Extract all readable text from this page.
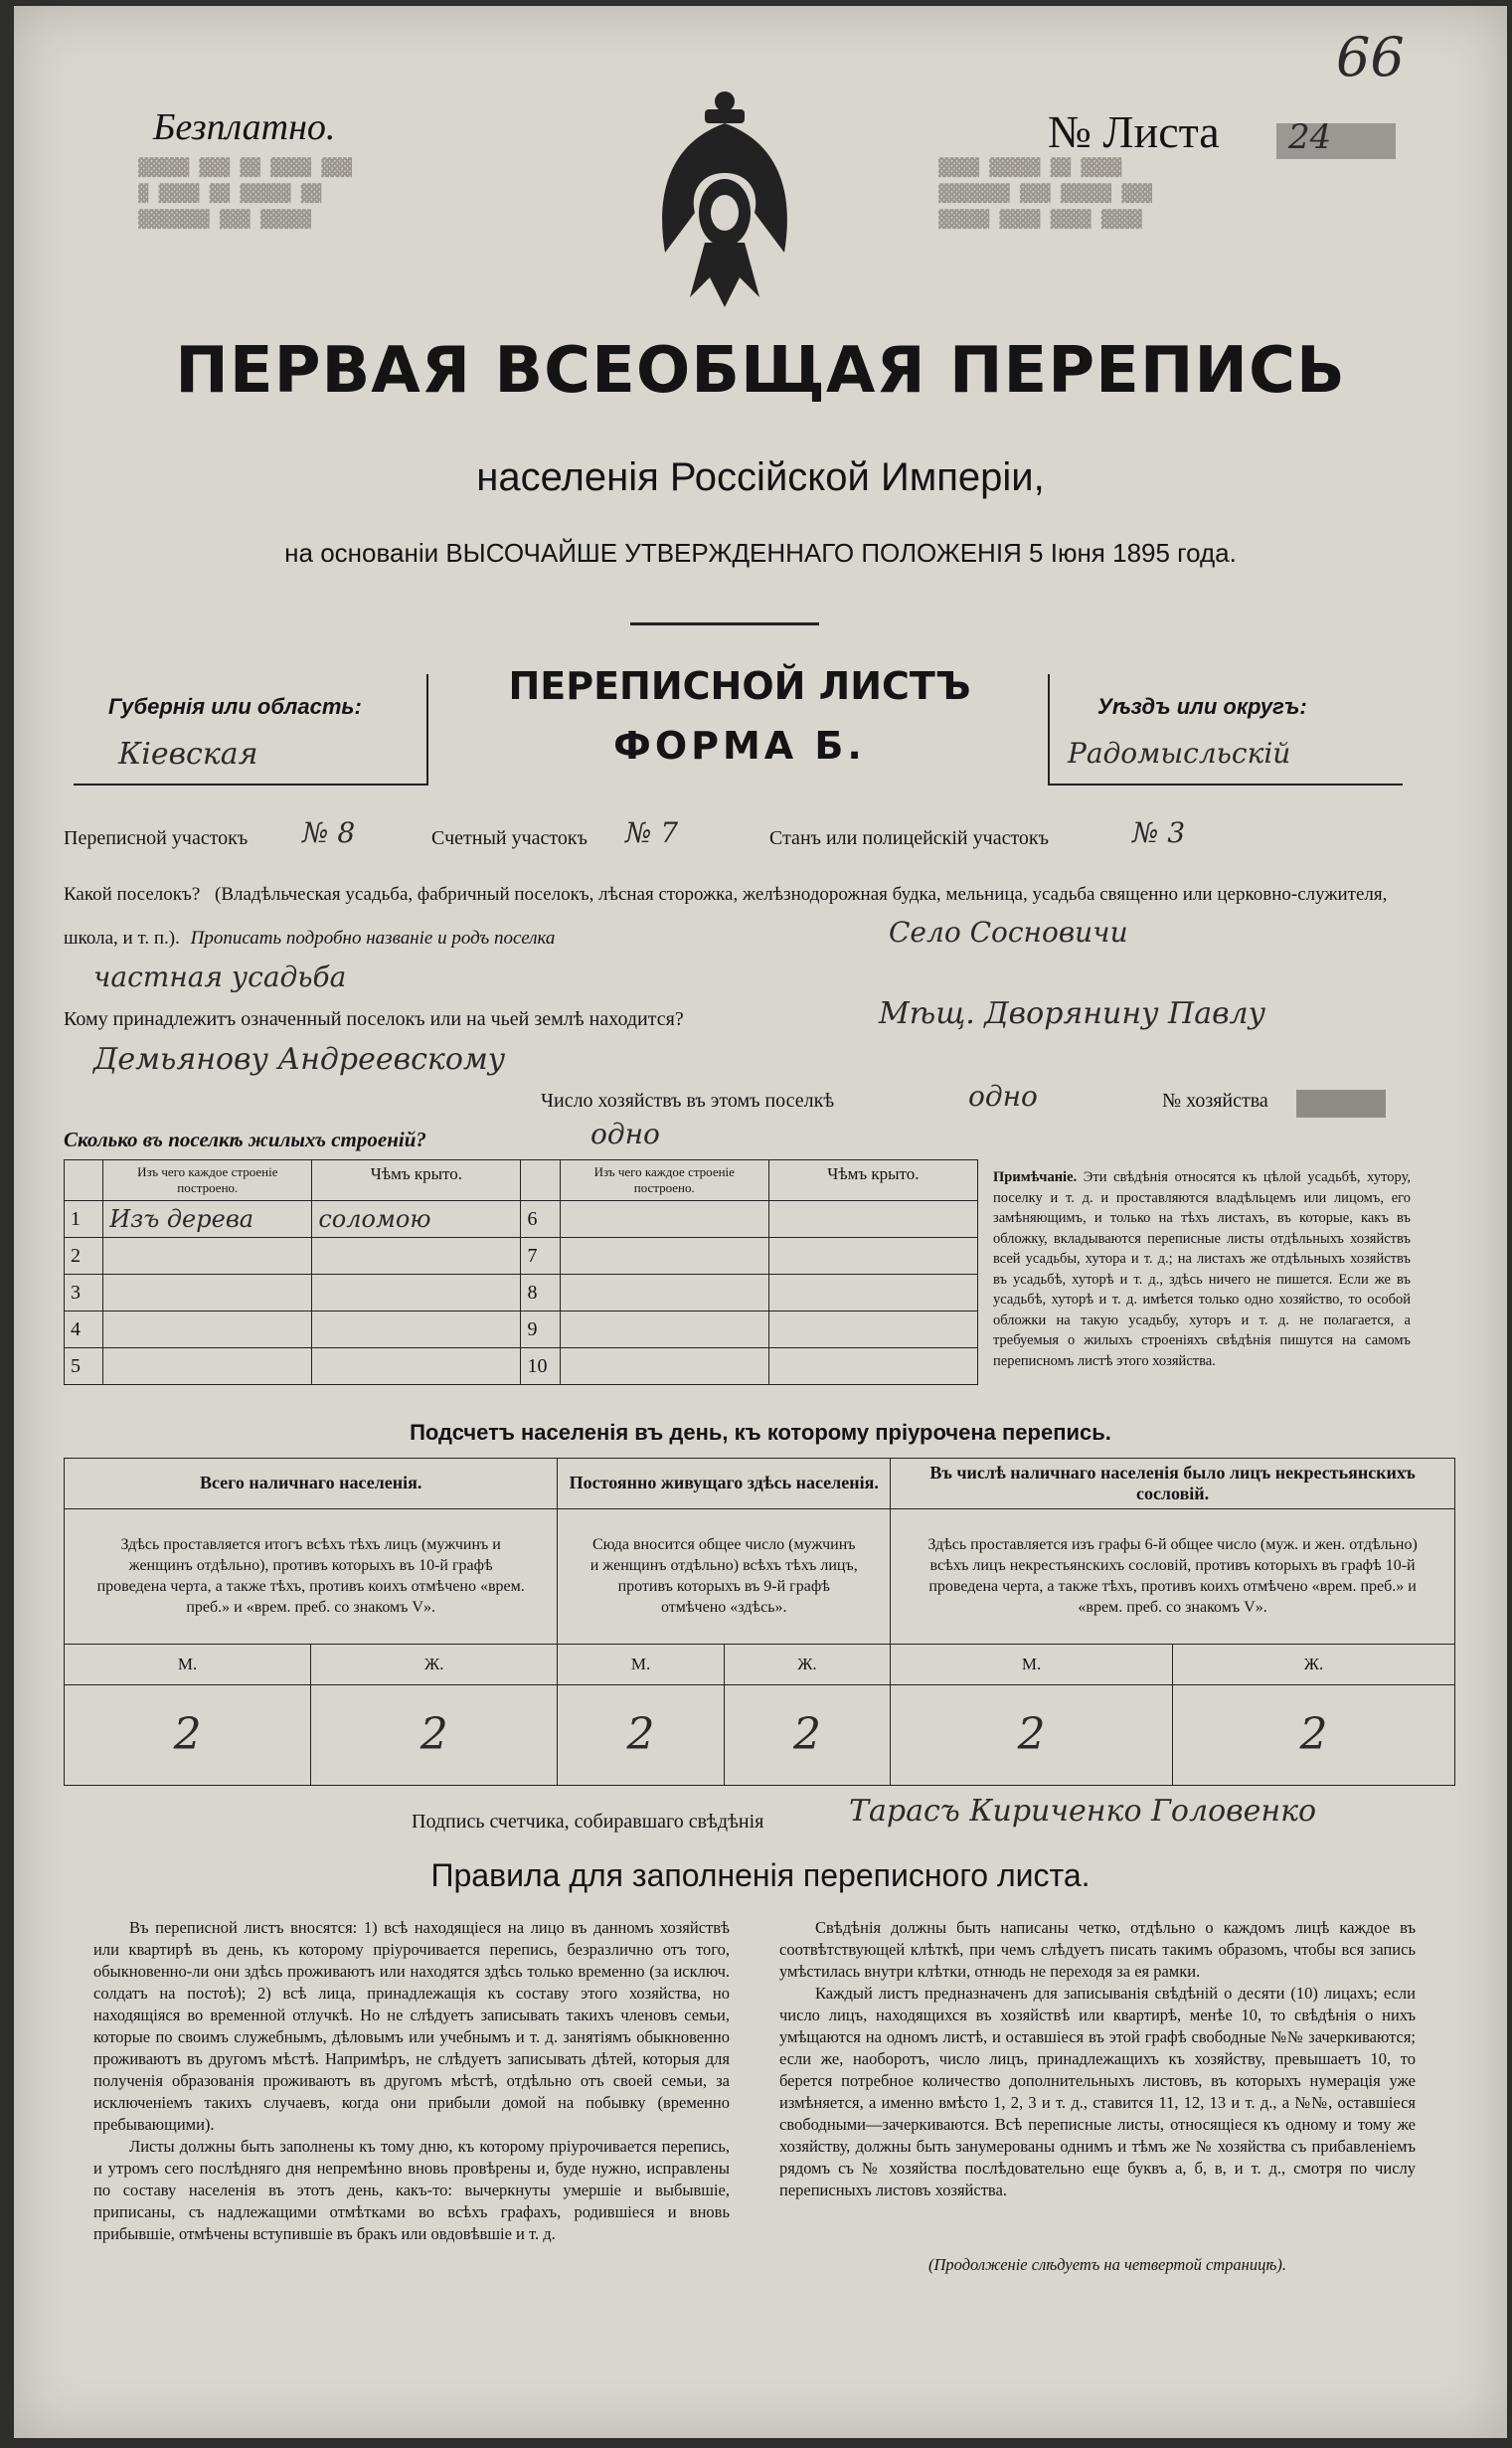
▓▓▓▓▓ ▓▓▓ ▓▓ ▓▓▓▓ ▓▓▓
▓ ▓▓▓▓ ▓▓ ▓▓▓▓▓ ▓▓
▓▓▓▓▓▓▓ ▓▓▓ ▓▓▓▓▓
▓▓▓▓ ▓▓▓▓▓ ▓▓ ▓▓▓▓
▓▓▓▓▓▓▓ ▓▓▓ ▓▓▓▓▓ ▓▓▓
▓▓▓▓▓ ▓▓▓▓ ▓▓▓▓ ▓▓▓▓
Безплатно.	№ Листа 24
66
ПЕРВАЯ ВСЕОБЩАЯ ПЕРЕПИСЬ
населенія Россійской Имперіи,
на основаніи ВЫСОЧАЙШЕ УТВЕРЖДЕННАГО ПОЛОЖЕНІЯ 5 Іюня 1895 года.
Губернія или область:
Кіевская
ПЕРЕПИСНОЙ ЛИСТЪ
ФОРМА Б.
Уѣздъ или округъ:
Радомысльскій
Переписной участокъ № 8	Счетный участокъ № 7	Станъ или полицейскій участокъ	№ 3
Какой поселокъ? (Владѣльческая усадьба, фабричный поселокъ, лѣсная сторожка, желѣзнодорожная будка, мельница, усадьба священно или церковно-служителя, школа, и т. п.). Прописать подробно названіе и родъ поселка	Село Сосновичи
частная усадьба
Кому принадлежитъ означенный поселокъ или на чьей землѣ находится?	Мѣщ. Дворянину Павлу
Демьянову Андреевскому
Число хозяйствъ въ этомъ поселкѣ	одно	№ хозяйства
Сколько въ поселкѣ жилыхъ строеній?	одно
	Изъ чего каждое строеніе построено.	Чѣмъ крыто.		Изъ чего каждое строеніе построено.	Чѣмъ крыто.
1	Изъ дерева	соломою	6		
2			7		
3			8		
4			9		
5			10		
Примѣчаніе. Эти свѣдѣнія относятся къ цѣлой усадьбѣ, хутору, поселку и т. д. и проставляются владѣльцемъ или лицомъ, его замѣняющимъ, и только на тѣхъ листахъ, въ которые, какъ въ обложку, вкладываются переписные листы отдѣльныхъ хозяйствъ всей усадьбы, хутора и т. д.; на листахъ же отдѣльныхъ хозяйствъ въ усадьбѣ, хуторѣ и т. д., здѣсь ничего не пишется. Если же въ усадьбѣ, хуторѣ и т. д. имѣется только одно хозяйство, то особой обложки на такую усадьбу, хуторъ и т. д. не полагается, а требуемыя о жилыхъ строеніяхъ свѣдѣнія пишутся на самомъ переписномъ листѣ этого хозяйства.
Подсчетъ населенія въ день, къ которому пріурочена перепись.
Всего наличнаго населенія.		Постоянно живущаго здѣсь населенія.		Въ числѣ наличнаго населенія было лицъ некрестьянскихъ сословій.	
Здѣсь проставляется итогъ всѣхъ тѣхъ лицъ (мужчинъ и женщинъ отдѣльно), противъ которыхъ въ 10-й графѣ проведена черта, а также тѣхъ, противъ коихъ отмѣчено «врем. преб.» и «врем. преб. со знакомъ V».		Сюда вносится общее число (мужчинъ и женщинъ отдѣльно) всѣхъ тѣхъ лицъ, противъ которыхъ въ 9-й графѣ отмѣчено «здѣсь».		Здѣсь проставляется изъ графы 6-й общее число (муж. и жен. отдѣльно) всѣхъ лицъ некрестьянскихъ сословій, противъ которыхъ въ графѣ 10-й проведена черта, а также тѣхъ, противъ коихъ отмѣчено «врем. преб.» и «врем. преб. со знакомъ V».	
М.	Ж.	М.	Ж.	М.	Ж.
2	2	2	2	2	2
Подпись счетчика, собиравшаго свѣдѣнія	Тарасъ Кириченко Головенко
Правила для заполненія переписного листа.

Въ переписной листъ вносятся: 1) всѣ находящіеся на лицо въ данномъ хозяйствѣ или квартирѣ въ день, къ которому пріурочивается перепись, безразлично отъ того, обыкновенно-ли они здѣсь проживаютъ или находятся здѣсь только временно (за исключ. солдатъ на постоѣ); 2) всѣ лица, принадлежащія къ составу этого хозяйства, но находящіяся во временной отлучкѣ. Но не слѣдуетъ записывать такихъ членовъ семьи, которые по своимъ служебнымъ, дѣловымъ или учебнымъ и т. д. занятіямъ обыкновенно проживаютъ въ другомъ мѣстѣ. Напримѣръ, не слѣдуетъ записывать дѣтей, которыя для полученія образованія проживаютъ въ другомъ мѣстѣ, отдѣльно отъ своей семьи, за исключеніемъ такихъ случаевъ, когда они прибыли домой на побывку (временно пребывающими).

Листы должны быть заполнены къ тому дню, къ которому пріурочивается перепись, и утромъ сего послѣдняго дня непремѣнно вновь провѣрены и, буде нужно, исправлены по составу населенія въ этотъ день, какъ-то: вычеркнуты умершіе и выбывшіе, приписаны, съ надлежащими отмѣтками во всѣхъ графахъ, родившіеся и вновь прибывшіе, отмѣчены вступившіе въ бракъ или овдовѣвшіе и т. д.

Свѣдѣнія должны быть написаны четко, отдѣльно о каждомъ лицѣ каждое въ соотвѣтствующей клѣткѣ, при чемъ слѣдуетъ писать такимъ образомъ, чтобы вся запись умѣстилась внутри клѣтки, отнюдь не переходя за ея рамки.

Каждый листъ предназначенъ для записыванія свѣдѣній о десяти (10) лицахъ; если число лицъ, находящихся въ хозяйствѣ или квартирѣ, менѣе 10, то свѣдѣнія о нихъ умѣщаются на одномъ листѣ, и оставшіеся въ этой графѣ свободные №№ зачеркиваются; если же, наоборотъ, число лицъ, принадлежащихъ къ хозяйству, превышаетъ 10, то берется потребное количество дополнительныхъ листовъ, въ которыхъ нумерація уже измѣняется, а именно вмѣсто 1, 2, 3 и т. д., ставится 11, 12, 13 и т. д., а №№, оставшіеся свободными—зачеркиваются. Всѣ переписные листы, относящіеся къ одному и тому же хозяйству, должны быть занумерованы однимъ и тѣмъ же № хозяйства съ прибавленіемъ рядомъ съ № хозяйства послѣдовательно еще буквъ а, б, в, и т. д., смотря по числу переписныхъ листовъ хозяйства.

(Продолженіе слѣдуетъ на четвертой страницѣ).
